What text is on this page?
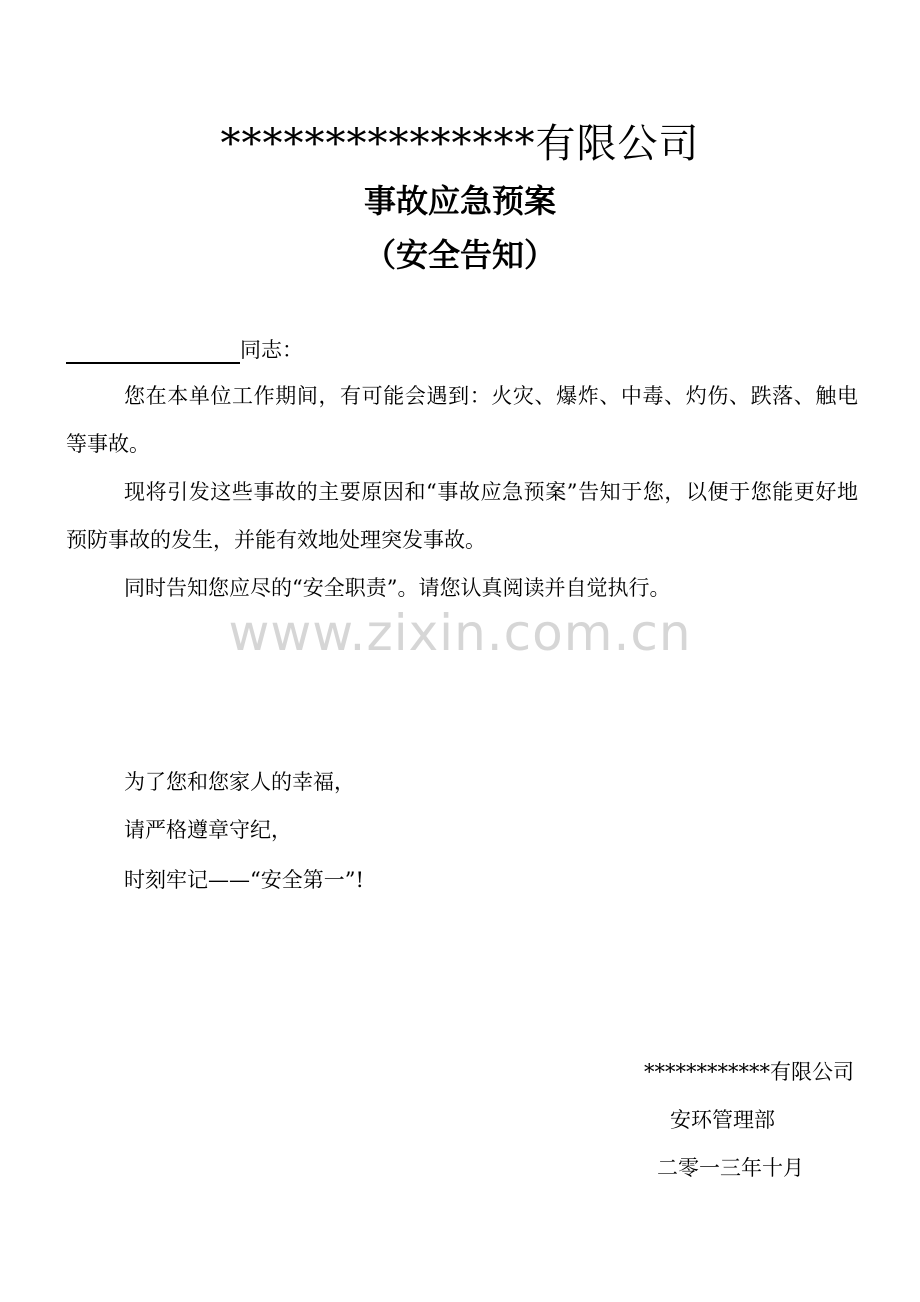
***************有限公司
事故应急预案
（安全告知）
同志：
您在本单位工作期间，有可能会遇到：火灾、爆炸、中毒、灼伤、跌落、触电等事故。
现将引发这些事故的主要原因和“事故应急预案”告知于您，以便于您能更好地预防事故的发生，并能有效地处理突发事故。
同时告知您应尽的“安全职责”。请您认真阅读并自觉执行。
www.zixin.com.cn
为了您和您家人的幸福，
请严格遵章守纪，
时刻牢记——“安全第一”!
************有限公司
安环管理部
二零一三年十月
